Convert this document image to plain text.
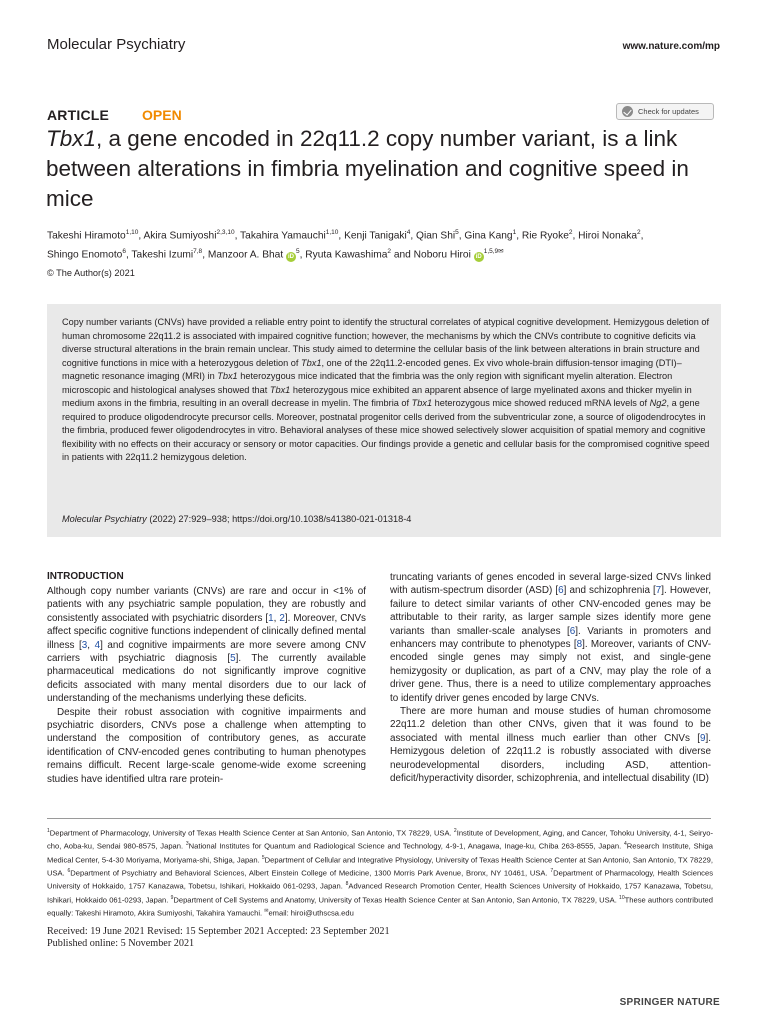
Molecular Psychiatry	www.nature.com/mp
ARTICLE OPEN	Check for updates
Tbx1, a gene encoded in 22q11.2 copy number variant, is a link between alterations in fimbria myelination and cognitive speed in mice
Takeshi Hiramoto$^{1,10}$, Akira Sumiyoshi$^{2,3,10}$, Takahira Yamauchi$^{1,10}$, Kenji Tanigaki$^4$, Qian Shi$^5$, Gina Kang$^1$, Rie Ryoke$^2$, Hiroi Nonaka$^2$,
Shingo Enomoto$^6$, Takeshi Izumi$^{7,8}$, Manzoor A. Bhat $iD^5$, Ryuta Kawashima$^2$ and Noboru Hiroi $iD^{1,5,9✉}$
© The Author(s) 2021
Copy number variants (CNVs) have provided a reliable entry point to identify the structural correlates of atypical cognitive development. Hemizygous deletion of human chromosome 22q11.2 is associated with impaired cognitive function; however, the mechanisms by which the CNVs contribute to cognitive deficits via diverse structural alterations in the brain remain unclear. This study aimed to determine the cellular basis of the link between alterations in brain structure and cognitive functions in mice with a heterozygous deletion of Tbx1, one of the 22q11.2-encoded genes. Ex vivo whole-brain diffusion-tensor imaging (DTI)–magnetic resonance imaging (MRI) in Tbx1 heterozygous mice indicated that the fimbria was the only region with significant myelin alteration. Electron microscopic and histological analyses showed that Tbx1 heterozygous mice exhibited an apparent absence of large myelinated axons and thicker myelin in medium axons in the fimbria, resulting in an overall decrease in myelin. The fimbria of Tbx1 heterozygous mice showed reduced mRNA levels of Ng2, a gene required to produce oligodendrocyte precursor cells. Moreover, postnatal progenitor cells derived from the subventricular zone, a source of oligodendrocytes in the fimbria, produced fewer oligodendrocytes in vitro. Behavioral analyses of these mice showed selectively slower acquisition of spatial memory and cognitive flexibility with no effects on their accuracy or sensory or motor capacities. Our findings provide a genetic and cellular basis for the compromised cognitive speed in patients with 22q11.2 hemizygous deletion.
Molecular Psychiatry (2022) 27:929–938; https://doi.org/10.1038/s41380-021-01318-4
INTRODUCTION

Although copy number variants (CNVs) are rare and occur in <1% of patients with any psychiatric sample population, they are robustly and consistently associated with psychiatric disorders [1, 2]. Moreover, CNVs affect specific cognitive functions independent of clinically defined mental illness [3, 4] and cognitive impairments are more severe among CNV carriers with psychiatric diagnosis [5]. The currently available pharmaceutical medications do not significantly improve cognitive deficits associated with many mental disorders due to our lack of understanding of the mechanisms underlying these deficits.

Despite their robust association with cognitive impairments and psychiatric disorders, CNVs pose a challenge when attempting to understand the composition of contributory genes, as accurate identification of CNV-encoded genes contributing to human phenotypes remains difficult. Recent large-scale genome-wide exome screening studies have identified ultra rare protein-

truncating variants of genes encoded in several large-sized CNVs linked with autism-spectrum disorder (ASD) [6] and schizophrenia [7]. However, failure to detect similar variants of other CNV-encoded genes may be attributable to their rarity, as larger sample sizes identify more gene variants than smaller-scale analyses [6]. Variants in promoters and enhancers may contribute to phenotypes [8]. Moreover, variants of CNV-encoded single genes may simply not exist, and single-gene hemizygosity or duplication, as part of a CNV, may play the role of a driver gene. Thus, there is a need to utilize complementary approaches to identify driver genes encoded by large CNVs.

There are more human and mouse studies of human chromosome 22q11.2 deletion than other CNVs, given that it was found to be associated with mental illness much earlier than other CNVs [9]. Hemizygous deletion of 22q11.2 is robustly associated with diverse neurodevelopmental disorders, including ASD, attention-deficit/hyperactivity disorder, schizophrenia, and intellectual disability (ID)

$^1$Department of Pharmacology, University of Texas Health Science Center at San Antonio, San Antonio, TX 78229, USA. $^2$Institute of Development, Aging, and Cancer, Tohoku University, 4-1, Seiryo-cho, Aoba-ku, Sendai 980-8575, Japan. $^3$National Institutes for Quantum and Radiological Science and Technology, 4-9-1, Anagawa, Inage-ku, Chiba 263-8555, Japan. $^4$Research Institute, Shiga Medical Center, 5-4-30 Moriyama, Moriyama-shi, Shiga, Japan. $^5$Department of Cellular and Integrative Physiology, University of Texas Health Science Center at San Antonio, San Antonio, TX 78229, USA. $^6$Department of Psychiatry and Behavioral Sciences, Albert Einstein College of Medicine, 1300 Morris Park Avenue, Bronx, NY 10461, USA. $^7$Department of Pharmacology, Health Sciences University of Hokkaido, 1757 Kanazawa, Tobetsu, Ishikari, Hokkaido 061-0293, Japan. $^8$Advanced Research Promotion Center, Health Sciences University of Hokkaido, 1757 Kanazawa, Tobetsu, Ishikari, Hokkaido 061-0293, Japan. $^9$Department of Cell Systems and Anatomy, University of Texas Health Science Center at San Antonio, San Antonio, TX 78229, USA. $^{10}$These authors contributed equally: Takeshi Hiramoto, Akira Sumiyoshi, Takahira Yamauchi. ✉email: hiroi@uthscsa.edu
Received: 19 June 2021 Revised: 15 September 2021 Accepted: 23 September 2021
Published online: 5 November 2021
SPRINGER NATURE
